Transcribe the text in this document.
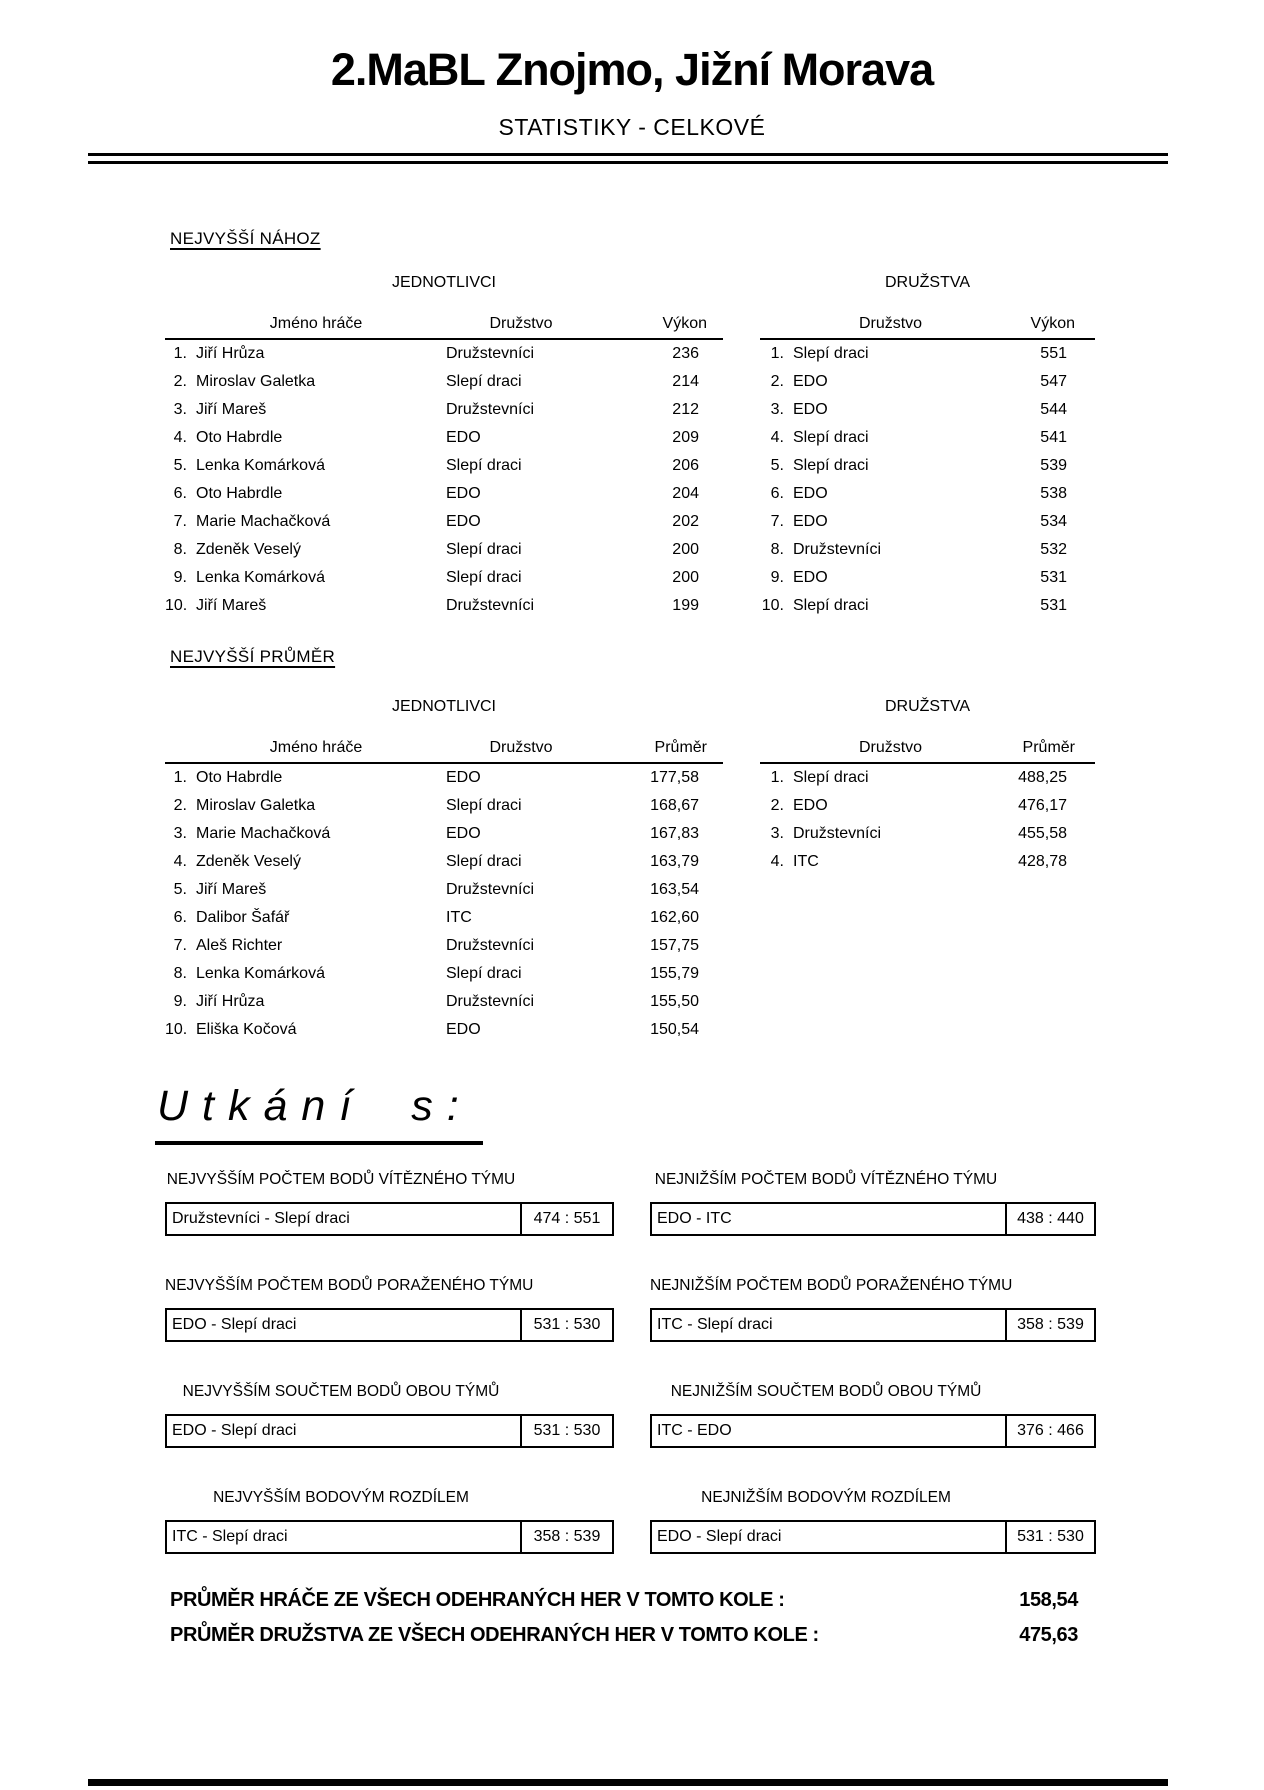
2.MaBL Znojmo, Jižní Morava
STATISTIKY - CELKOVÉ
NEJVYŠŠÍ NÁHOZ
JEDNOTLIVCI
Jméno hráče	Družstvo	Výkon
1. Jiří Hrůza	Družstevníci	236
2. Miroslav Galetka	Slepí draci	214
3. Jiří Mareš	Družstevníci	212
4. Oto Habrdle	EDO	209
5. Lenka Komárková	Slepí draci	206
6. Oto Habrdle	EDO	204
7. Marie Machačková	EDO	202
8. Zdeněk Veselý	Slepí draci	200
9. Lenka Komárková	Slepí draci	200
10. Jiří Mareš	Družstevníci	199
DRUŽSTVA
Družstvo	Výkon
1. Slepí draci	551
2. EDO	547
3. EDO	544
4. Slepí draci	541
5. Slepí draci	539
6. EDO	538
7. EDO	534
8. Družstevníci	532
9. EDO	531
10. Slepí draci	531
NEJVYŠŠÍ PRŮMĚR
JEDNOTLIVCI
Jméno hráče	Družstvo	Průměr
1. Oto Habrdle	EDO	177,58
2. Miroslav Galetka	Slepí draci	168,67
3. Marie Machačková	EDO	167,83
4. Zdeněk Veselý	Slepí draci	163,79
5. Jiří Mareš	Družstevníci	163,54
6. Dalibor Šafář	ITC	162,60
7. Aleš Richter	Družstevníci	157,75
8. Lenka Komárková	Slepí draci	155,79
9. Jiří Hrůza	Družstevníci	155,50
10. Eliška Kočová	EDO	150,54
DRUŽSTVA
Družstvo	Průměr
1. Slepí draci	488,25
2. EDO	476,17
3. Družstevníci	455,58
4. ITC	428,78
Utkání s:
NEJVYŠŠÍM POČTEM BODŮ VÍTĚZNÉHO TÝMU
Družstevníci - Slepí draci	474 : 551
NEJNIŽŠÍM POČTEM BODŮ VÍTĚZNÉHO TÝMU
EDO - ITC	438 : 440
NEJVYŠŠÍM POČTEM BODŮ PORAŽENÉHO TÝMU
EDO - Slepí draci	531 : 530
NEJNIŽŠÍM POČTEM BODŮ PORAŽENÉHO TÝMU
ITC - Slepí draci	358 : 539
NEJVYŠŠÍM SOUČTEM BODŮ OBOU TÝMŮ
EDO - Slepí draci	531 : 530
NEJNIŽŠÍM SOUČTEM BODŮ OBOU TÝMŮ
ITC - EDO	376 : 466
NEJVYŠŠÍM BODOVÝM ROZDÍLEM
ITC - Slepí draci	358 : 539
NEJNIŽŠÍM BODOVÝM ROZDÍLEM
EDO - Slepí draci	531 : 530
PRŮMĚR HRÁČE ZE VŠECH ODEHRANÝCH HER V TOMTO KOLE :	158,54
PRŮMĚR DRUŽSTVA ZE VŠECH ODEHRANÝCH HER V TOMTO KOLE :	475,63
